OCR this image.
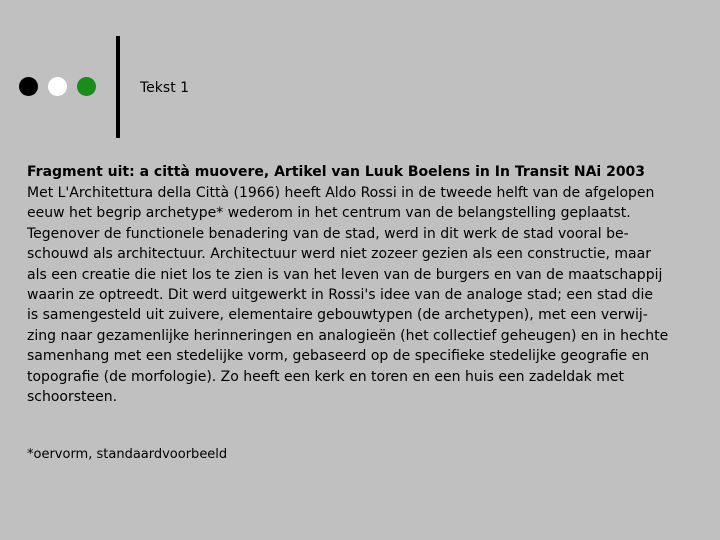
Tekst 1
Fragment uit: a città muovere, Artikel van Luuk Boelens in In Transit NAi 2003
Met L'Architettura della Città (1966) heeft Aldo Rossi in de tweede helft van de afgelopen
eeuw het begrip archetype* wederom in het centrum van de belangstelling geplaatst.
Tegenover de functionele benadering van de stad, werd in dit werk de stad vooral be-
schouwd als architectuur. Architectuur werd niet zozeer gezien als een constructie, maar
als een creatie die niet los te zien is van het leven van de burgers en van de maatschappij
waarin ze optreedt. Dit werd uitgewerkt in Rossi's idee van de analoge stad; een stad die
is samengesteld uit zuivere, elementaire gebouwtypen (de archetypen), met een verwij-
zing naar gezamenlijke herinneringen en analogieën (het collectief geheugen) en in hechte
samenhang met een stedelijke vorm, gebaseerd op de specifieke stedelijke geografie en
topografie (de morfologie). Zo heeft een kerk en toren en een huis een zadeldak met
schoorsteen.
*oervorm, standaardvoorbeeld
